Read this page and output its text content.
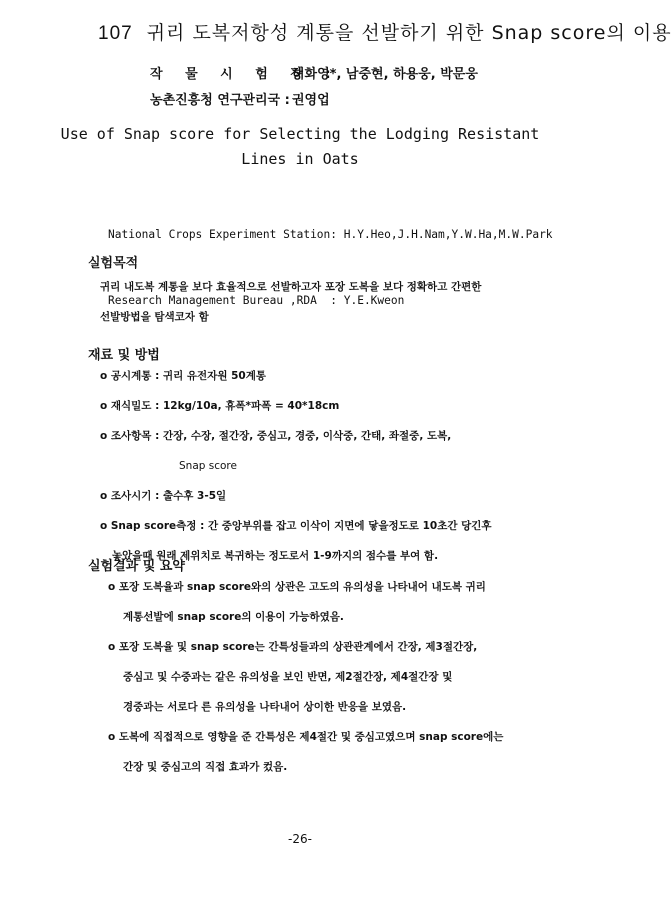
107 귀리 도복저항성 계통을 선발하기 위한 Snap score의 이용
작 물 시 험 장 :허화영*, 남중현, 하용웅, 박문웅
농촌진흥청 연구관리국 : 권영업
Use of Snap score for Selecting the Lodging Resistant
Lines in Oats

National Crops Experiment Station: H.Y.Heo,J.H.Nam,Y.W.Ha,M.W.Park

Research Management Bureau ,RDA  : Y.E.Kweon

실험목적
귀리 내도복 계통을 보다 효율적으로 선발하고자 포장 도복을 보다 정확하고 간편한
선발방법을 탐색코자 함
재료 및 방법
o 공시계통 : 귀리 유전자원 50계통
o 재식밀도 : 12kg/10a, 휴폭*파폭 = 40*18cm
o 조사항목 : 간장, 수장, 절간장, 중심고, 경중, 이삭중, 간태, 좌절중, 도복,
Snap score
o 조사시기 : 출수후 3-5일
o Snap score측정 : 간 중앙부위를 잡고 이삭이 지면에 닿을정도로 10초간 당긴후
놓았을때 원래 제위치로 복귀하는 정도로서 1-9까지의 점수를 부여 함.
실험결과 및 요약
o 포장 도복율과 snap score와의 상관은 고도의 유의성을 나타내어 내도복 귀리
계통선발에 snap score의 이용이 가능하였음.
o 포장 도복율 및 snap score는 간특성들과의 상관관계에서 간장, 제3절간장,
중심고 및 수중과는 같은 유의성을 보인 반면, 제2절간장, 제4절간장 및
경중과는 서로다 른 유의성을 나타내어 상이한 반응을 보였음.
o 도복에 직접적으로 영향을 준 간특성은 제4절간 및 중심고였으며 snap score에는
간장 및 중심고의 직접 효과가 컸음.
-26-
